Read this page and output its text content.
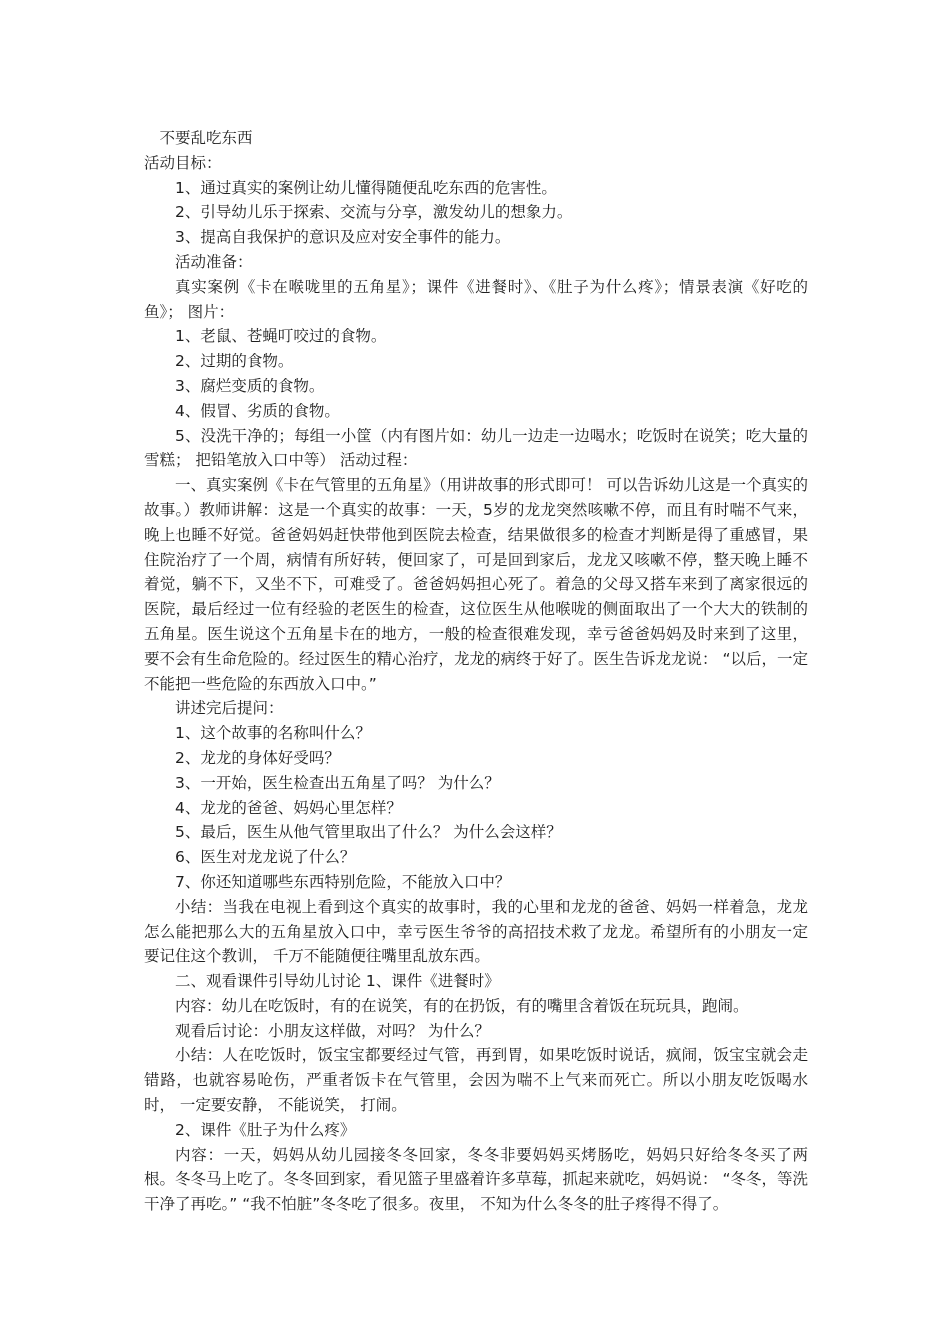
不要乱吃东西

活动目标：

1、通过真实的案例让幼儿懂得随便乱吃东西的危害性。

2、引导幼儿乐于探索、交流与分享，激发幼儿的想象力。

3、提高自我保护的意识及应对安全事件的能力。

活动准备：

真实案例《卡在喉咙里的五角星》；课件《进餐时》、《肚子为什么疼》；情景表演《好吃的鱼》； 图片：

1、老鼠、苍蝇叮咬过的食物。

2、过期的食物。

3、腐烂变质的食物。

4、假冒、劣质的食物。

5、没洗干净的；每组一小筐（内有图片如：幼儿一边走一边喝水；吃饭时在说笑；吃大量的雪糕； 把铅笔放入口中等） 活动过程：

一、真实案例《卡在气管里的五角星》（用讲故事的形式即可！ 可以告诉幼儿这是一个真实的故事。）教师讲解：这是一个真实的故事：一天，5岁的龙龙突然咳嗽不停，而且有时喘不气来，晚上也睡不好觉。爸爸妈妈赶快带他到医院去检查，结果做很多的检查才判断是得了重感冒，果住院治疗了一个周，病情有所好转，便回家了，可是回到家后，龙龙又咳嗽不停，整天晚上睡不着觉，躺不下，又坐不下，可难受了。爸爸妈妈担心死了。着急的父母又搭车来到了离家很远的医院，最后经过一位有经验的老医生的检查，这位医生从他喉咙的侧面取出了一个大大的铁制的五角星。医生说这个五角星卡在的地方，一般的检查很难发现，幸亏爸爸妈妈及时来到了这里，要不会有生命危险的。经过医生的精心治疗，龙龙的病终于好了。医生告诉龙龙说： “以后，一定不能把一些危险的东西放入口中。”

讲述完后提问：

1、这个故事的名称叫什么？

2、龙龙的身体好受吗？

3、一开始，医生检查出五角星了吗？ 为什么？

4、龙龙的爸爸、妈妈心里怎样？

5、最后，医生从他气管里取出了什么？ 为什么会这样？

6、医生对龙龙说了什么？

7、你还知道哪些东西特别危险，不能放入口中？

小结：当我在电视上看到这个真实的故事时，我的心里和龙龙的爸爸、妈妈一样着急，龙龙怎么能把那么大的五角星放入口中，幸亏医生爷爷的高招技术救了龙龙。希望所有的小朋友一定要记住这个教训， 千万不能随便往嘴里乱放东西。

二、观看课件引导幼儿讨论 1、课件《进餐时》

内容：幼儿在吃饭时，有的在说笑，有的在扔饭，有的嘴里含着饭在玩玩具，跑闹。

观看后讨论：小朋友这样做，对吗？ 为什么？

小结：人在吃饭时，饭宝宝都要经过气管，再到胃，如果吃饭时说话，疯闹，饭宝宝就会走错路，也就容易呛伤，严重者饭卡在气管里，会因为喘不上气来而死亡。所以小朋友吃饭喝水时， 一定要安静， 不能说笑， 打闹。

2、课件《肚子为什么疼》

内容：一天，妈妈从幼儿园接冬冬回家，冬冬非要妈妈买烤肠吃，妈妈只好给冬冬买了两根。冬冬马上吃了。冬冬回到家，看见篮子里盛着许多草莓，抓起来就吃，妈妈说： “冬冬，等洗干净了再吃。” “我不怕脏”冬冬吃了很多。夜里， 不知为什么冬冬的肚子疼得不得了。
